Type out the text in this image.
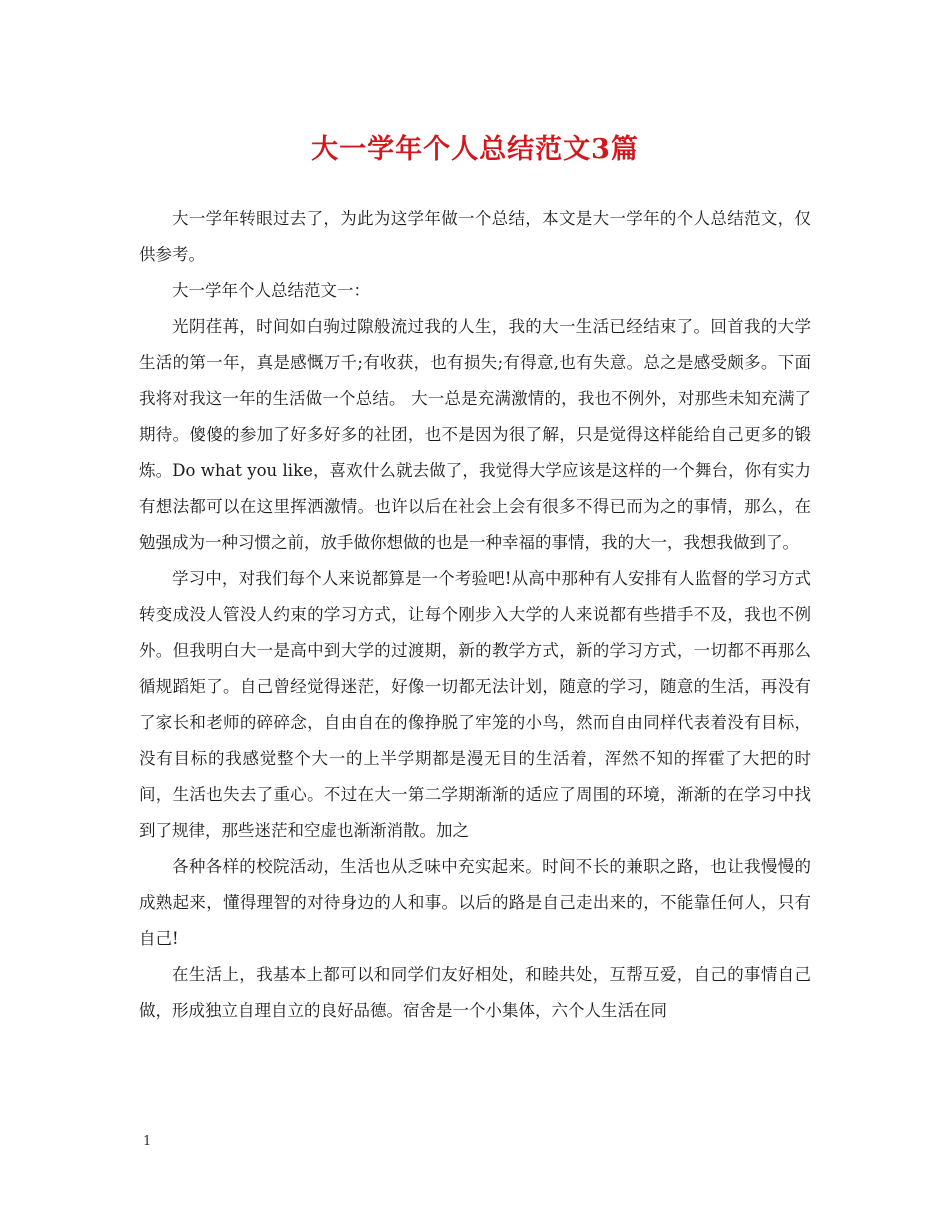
大一学年个人总结范文3篇

大一学年转眼过去了，为此为这学年做一个总结，本文是大一学年的个人总结范文，仅供参考。

大一学年个人总结范文一：

光阴荏苒，时间如白驹过隙般流过我的人生，我的大一生活已经结束了。回首我的大学生活的第一年，真是感慨万千;有收获，也有损失;有得意,也有失意。总之是感受颇多。下面我将对我这一年的生活做一个总结。 大一总是充满激情的，我也不例外，对那些未知充满了期待。傻傻的参加了好多好多的社团，也不是因为很了解，只是觉得这样能给自己更多的锻炼。Do what you like，喜欢什么就去做了，我觉得大学应该是这样的一个舞台，你有实力有想法都可以在这里挥洒激情。也许以后在社会上会有很多不得已而为之的事情，那么，在勉强成为一种习惯之前，放手做你想做的也是一种幸福的事情，我的大一，我想我做到了。

学习中，对我们每个人来说都算是一个考验吧!从高中那种有人安排有人监督的学习方式转变成没人管没人约束的学习方式，让每个刚步入大学的人来说都有些措手不及，我也不例外。但我明白大一是高中到大学的过渡期，新的教学方式，新的学习方式，一切都不再那么循规蹈矩了。自己曾经觉得迷茫，好像一切都无法计划，随意的学习，随意的生活，再没有了家长和老师的碎碎念，自由自在的像挣脱了牢笼的小鸟，然而自由同样代表着没有目标，没有目标的我感觉整个大一的上半学期都是漫无目的生活着，浑然不知的挥霍了大把的时间，生活也失去了重心。不过在大一第二学期渐渐的适应了周围的环境，渐渐的在学习中找到了规律，那些迷茫和空虚也渐渐消散。加之

各种各样的校院活动，生活也从乏味中充实起来。时间不长的兼职之路，也让我慢慢的成熟起来，懂得理智的对待身边的人和事。以后的路是自己走出来的，不能靠任何人，只有自己!

在生活上，我基本上都可以和同学们友好相处，和睦共处，互帮互爱，自己的事情自己做，形成独立自理自立的良好品德。宿舍是一个小集体，六个人生活在同

1
